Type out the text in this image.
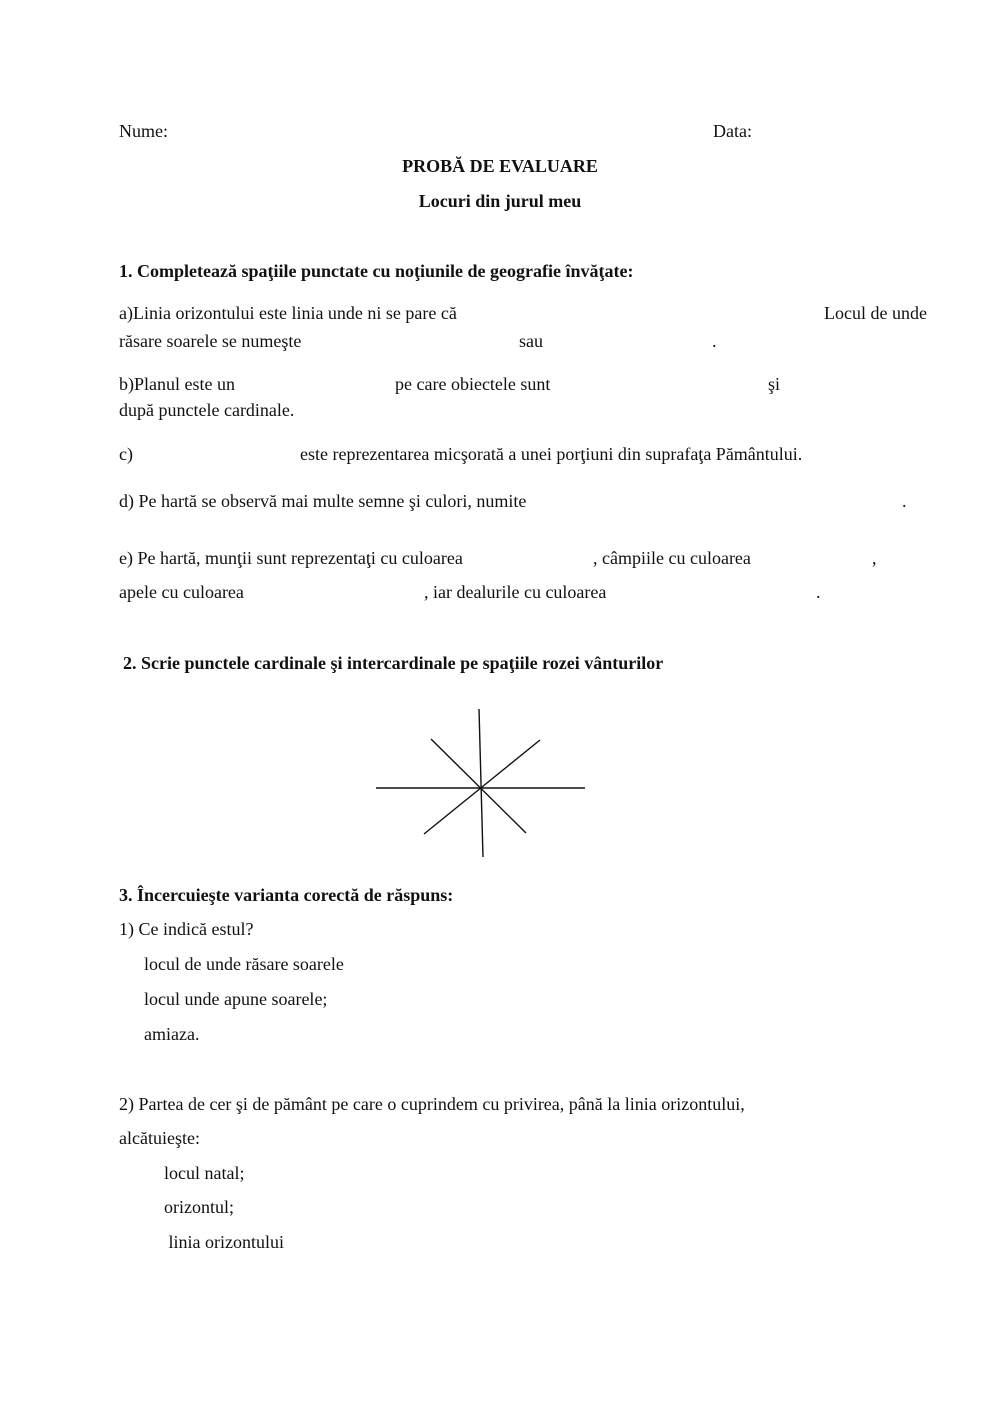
Nume:	Data:
PROBĂ DE EVALUARE
Locuri din jurul meu
1. Completează spaţiile punctate cu noţiunile de geografie învăţate:
a)Linia orizontului este linia unde ni se pare că	Locul de unde
răsare soarele se numeşte	sau	.
b)Planul este un	pe care obiectele sunt	şi
după punctele cardinale.
c)	este reprezentarea micşorată a unei porţiuni din suprafaţa Pământului.
d) Pe hartă se observă mai multe semne şi culori, numite	.
e) Pe hartă, munţii sunt reprezentaţi cu culoarea	, câmpiile cu culoarea	,
apele cu culoarea	, iar dealurile cu culoarea	.
2. Scrie punctele cardinale şi intercardinale pe spaţiile rozei vânturilor
3. Încercuieşte varianta corectă de răspuns:
1) Ce indică estul?
locul de unde răsare soarele
locul unde apune soarele;
amiaza.
2) Partea de cer şi de pământ pe care o cuprindem cu privirea, până la linia orizontului,
alcătuieşte:
locul natal;
orizontul;
linia orizontului
